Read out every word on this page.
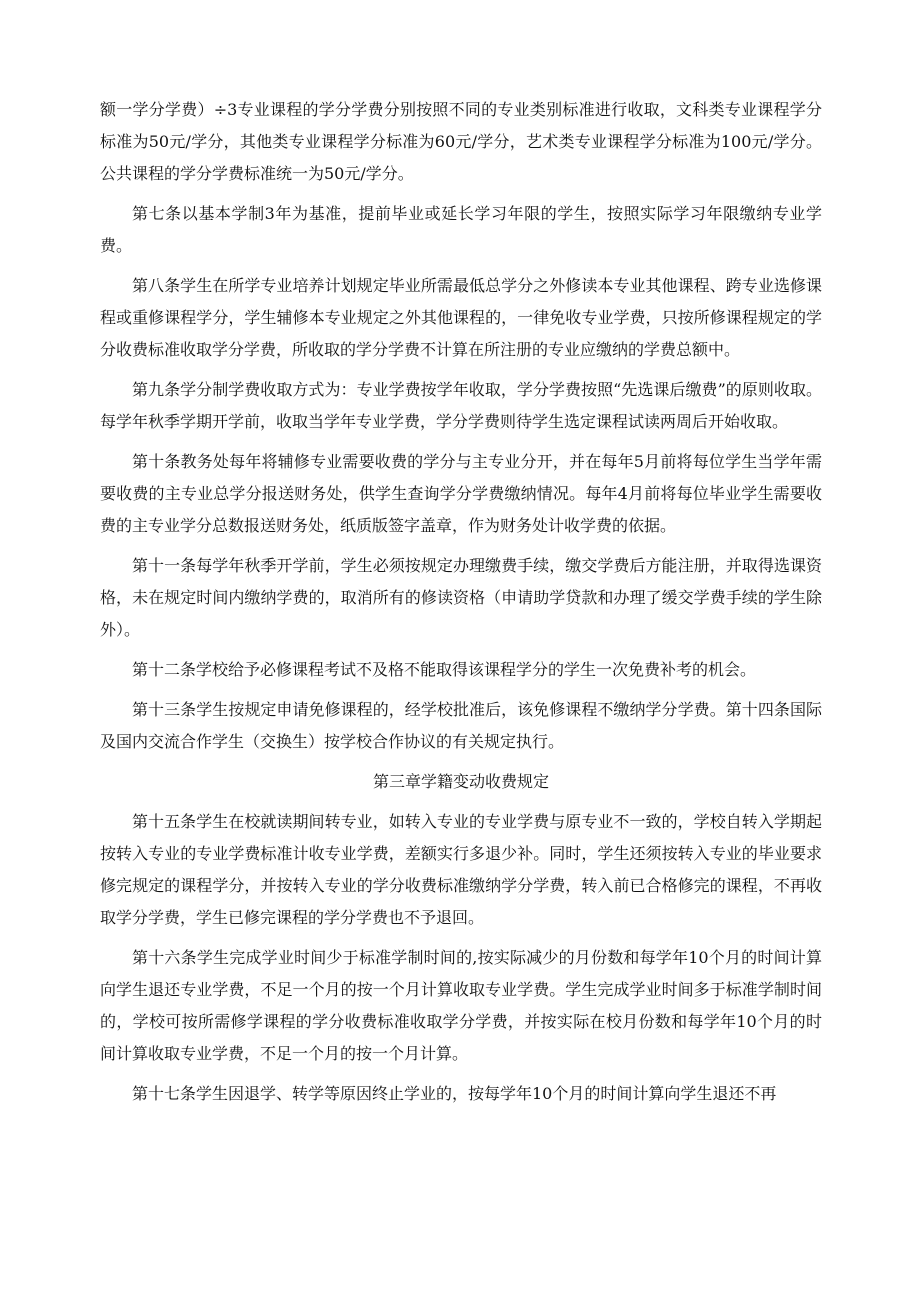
额一学分学费）÷3专业课程的学分学费分别按照不同的专业类别标准进行收取，文科类专业课程学分标准为50元/学分，其他类专业课程学分标准为60元/学分，艺术类专业课程学分标准为100元/学分。公共课程的学分学费标准统一为50元/学分。

第七条以基本学制3年为基准，提前毕业或延长学习年限的学生，按照实际学习年限缴纳专业学费。

第八条学生在所学专业培养计划规定毕业所需最低总学分之外修读本专业其他课程、跨专业选修课程或重修课程学分，学生辅修本专业规定之外其他课程的，一律免收专业学费，只按所修课程规定的学分收费标准收取学分学费，所收取的学分学费不计算在所注册的专业应缴纳的学费总额中。

第九条学分制学费收取方式为：专业学费按学年收取，学分学费按照“先选课后缴费”的原则收取。每学年秋季学期开学前，收取当学年专业学费，学分学费则待学生选定课程试读两周后开始收取。

第十条教务处每年将辅修专业需要收费的学分与主专业分开，并在每年5月前将每位学生当学年需要收费的主专业总学分报送财务处，供学生查询学分学费缴纳情况。每年4月前将每位毕业学生需要收费的主专业学分总数报送财务处，纸质版签字盖章，作为财务处计收学费的依据。

第十一条每学年秋季开学前，学生必须按规定办理缴费手续，缴交学费后方能注册，并取得选课资格，未在规定时间内缴纳学费的，取消所有的修读资格（申请助学贷款和办理了缓交学费手续的学生除外）。

第十二条学校给予必修课程考试不及格不能取得该课程学分的学生一次免费补考的机会。

第十三条学生按规定申请免修课程的，经学校批准后，该免修课程不缴纳学分学费。第十四条国际及国内交流合作学生（交换生）按学校合作协议的有关规定执行。

第三章学籍变动收费规定

第十五条学生在校就读期间转专业，如转入专业的专业学费与原专业不一致的，学校自转入学期起按转入专业的专业学费标准计收专业学费，差额实行多退少补。同时，学生还须按转入专业的毕业要求修完规定的课程学分，并按转入专业的学分收费标准缴纳学分学费，转入前已合格修完的课程，不再收取学分学费，学生已修完课程的学分学费也不予退回。

第十六条学生完成学业时间少于标准学制时间的,按实际减少的月份数和每学年10个月的时间计算向学生退还专业学费，不足一个月的按一个月计算收取专业学费。学生完成学业时间多于标准学制时间的，学校可按所需修学课程的学分收费标准收取学分学费，并按实际在校月份数和每学年10个月的时间计算收取专业学费，不足一个月的按一个月计算。

第十七条学生因退学、转学等原因终止学业的，按每学年10个月的时间计算向学生退还不再
